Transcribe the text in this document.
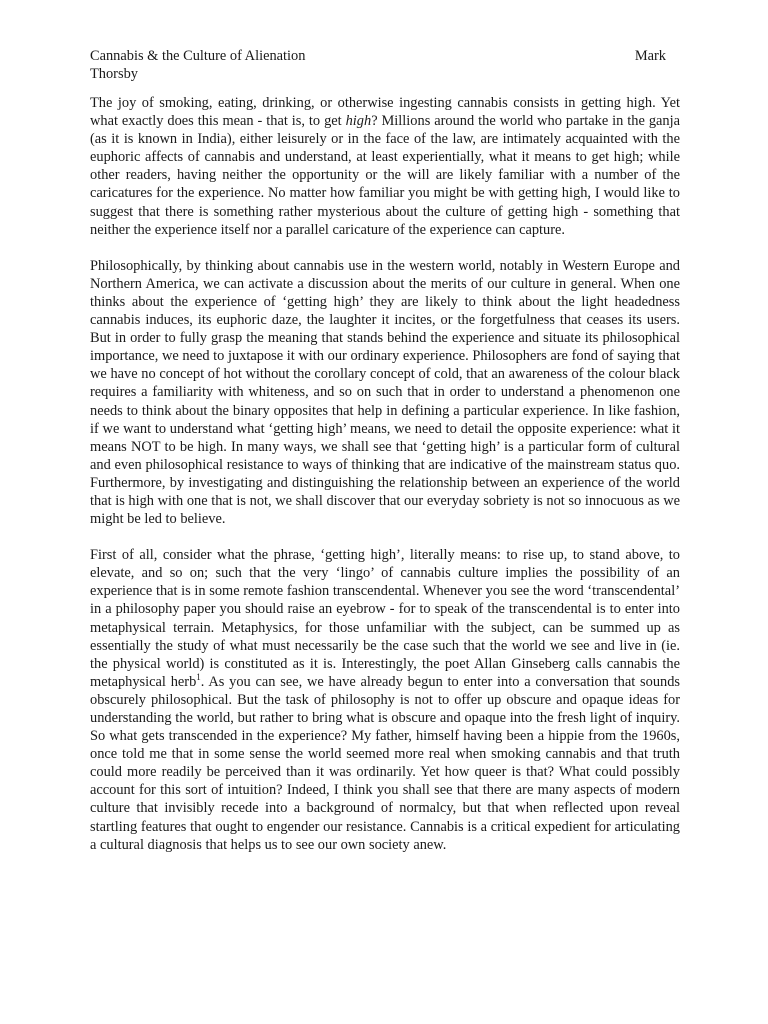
Cannabis & the Culture of Alienation	Mark
Thorsby

The joy of smoking, eating, drinking, or otherwise ingesting cannabis consists in getting high. Yet what exactly does this mean - that is, to get high? Millions around the world who partake in the ganja (as it is known in India), either leisurely or in the face of the law, are intimately acquainted with the euphoric affects of cannabis and understand, at least experientially, what it means to get high; while other readers, having neither the opportunity or the will are likely familiar with a number of the caricatures for the experience. No matter how familiar you might be with getting high, I would like to suggest that there is something rather mysterious about the culture of getting high - something that neither the experience itself nor a parallel caricature of the experience can capture.

Philosophically, by thinking about cannabis use in the western world, notably in Western Europe and Northern America, we can activate a discussion about the merits of our culture in general. When one thinks about the experience of ‘getting high’ they are likely to think about the light headedness cannabis induces, its euphoric daze, the laughter it incites, or the forgetfulness that ceases its users. But in order to fully grasp the meaning that stands behind the experience and situate its philosophical importance, we need to juxtapose it with our ordinary experience. Philosophers are fond of saying that we have no concept of hot without the corollary concept of cold, that an awareness of the colour black requires a familiarity with whiteness, and so on such that in order to understand a phenomenon one needs to think about the binary opposites that help in defining a particular experience. In like fashion, if we want to understand what ‘getting high’ means, we need to detail the opposite experience: what it means NOT to be high. In many ways, we shall see that ‘getting high’ is a particular form of cultural and even philosophical resistance to ways of thinking that are indicative of the mainstream status quo. Furthermore, by investigating and distinguishing the relationship between an experience of the world that is high with one that is not, we shall discover that our everyday sobriety is not so innocuous as we might be led to believe.

First of all, consider what the phrase, ‘getting high’, literally means: to rise up, to stand above, to elevate, and so on; such that the very ‘lingo’ of cannabis culture implies the possibility of an experience that is in some remote fashion transcendental. Whenever you see the word ‘transcendental’ in a philosophy paper you should raise an eyebrow - for to speak of the transcendental is to enter into metaphysical terrain. Metaphysics, for those unfamiliar with the subject, can be summed up as essentially the study of what must necessarily be the case such that the world we see and live in (ie. the physical world) is constituted as it is. Interestingly, the poet Allan Ginseberg calls cannabis the metaphysical herb$^1$. As you can see, we have already begun to enter into a conversation that sounds obscurely philosophical. But the task of philosophy is not to offer up obscure and opaque ideas for understanding the world, but rather to bring what is obscure and opaque into the fresh light of inquiry. So what gets transcended in the experience? My father, himself having been a hippie from the 1960s, once told me that in some sense the world seemed more real when smoking cannabis and that truth could more readily be perceived than it was ordinarily. Yet how queer is that? What could possibly account for this sort of intuition? Indeed, I think you shall see that there are many aspects of modern culture that invisibly recede into a background of normalcy, but that when reflected upon reveal startling features that ought to engender our resistance. Cannabis is a critical expedient for articulating a cultural diagnosis that helps us to see our own society anew.
